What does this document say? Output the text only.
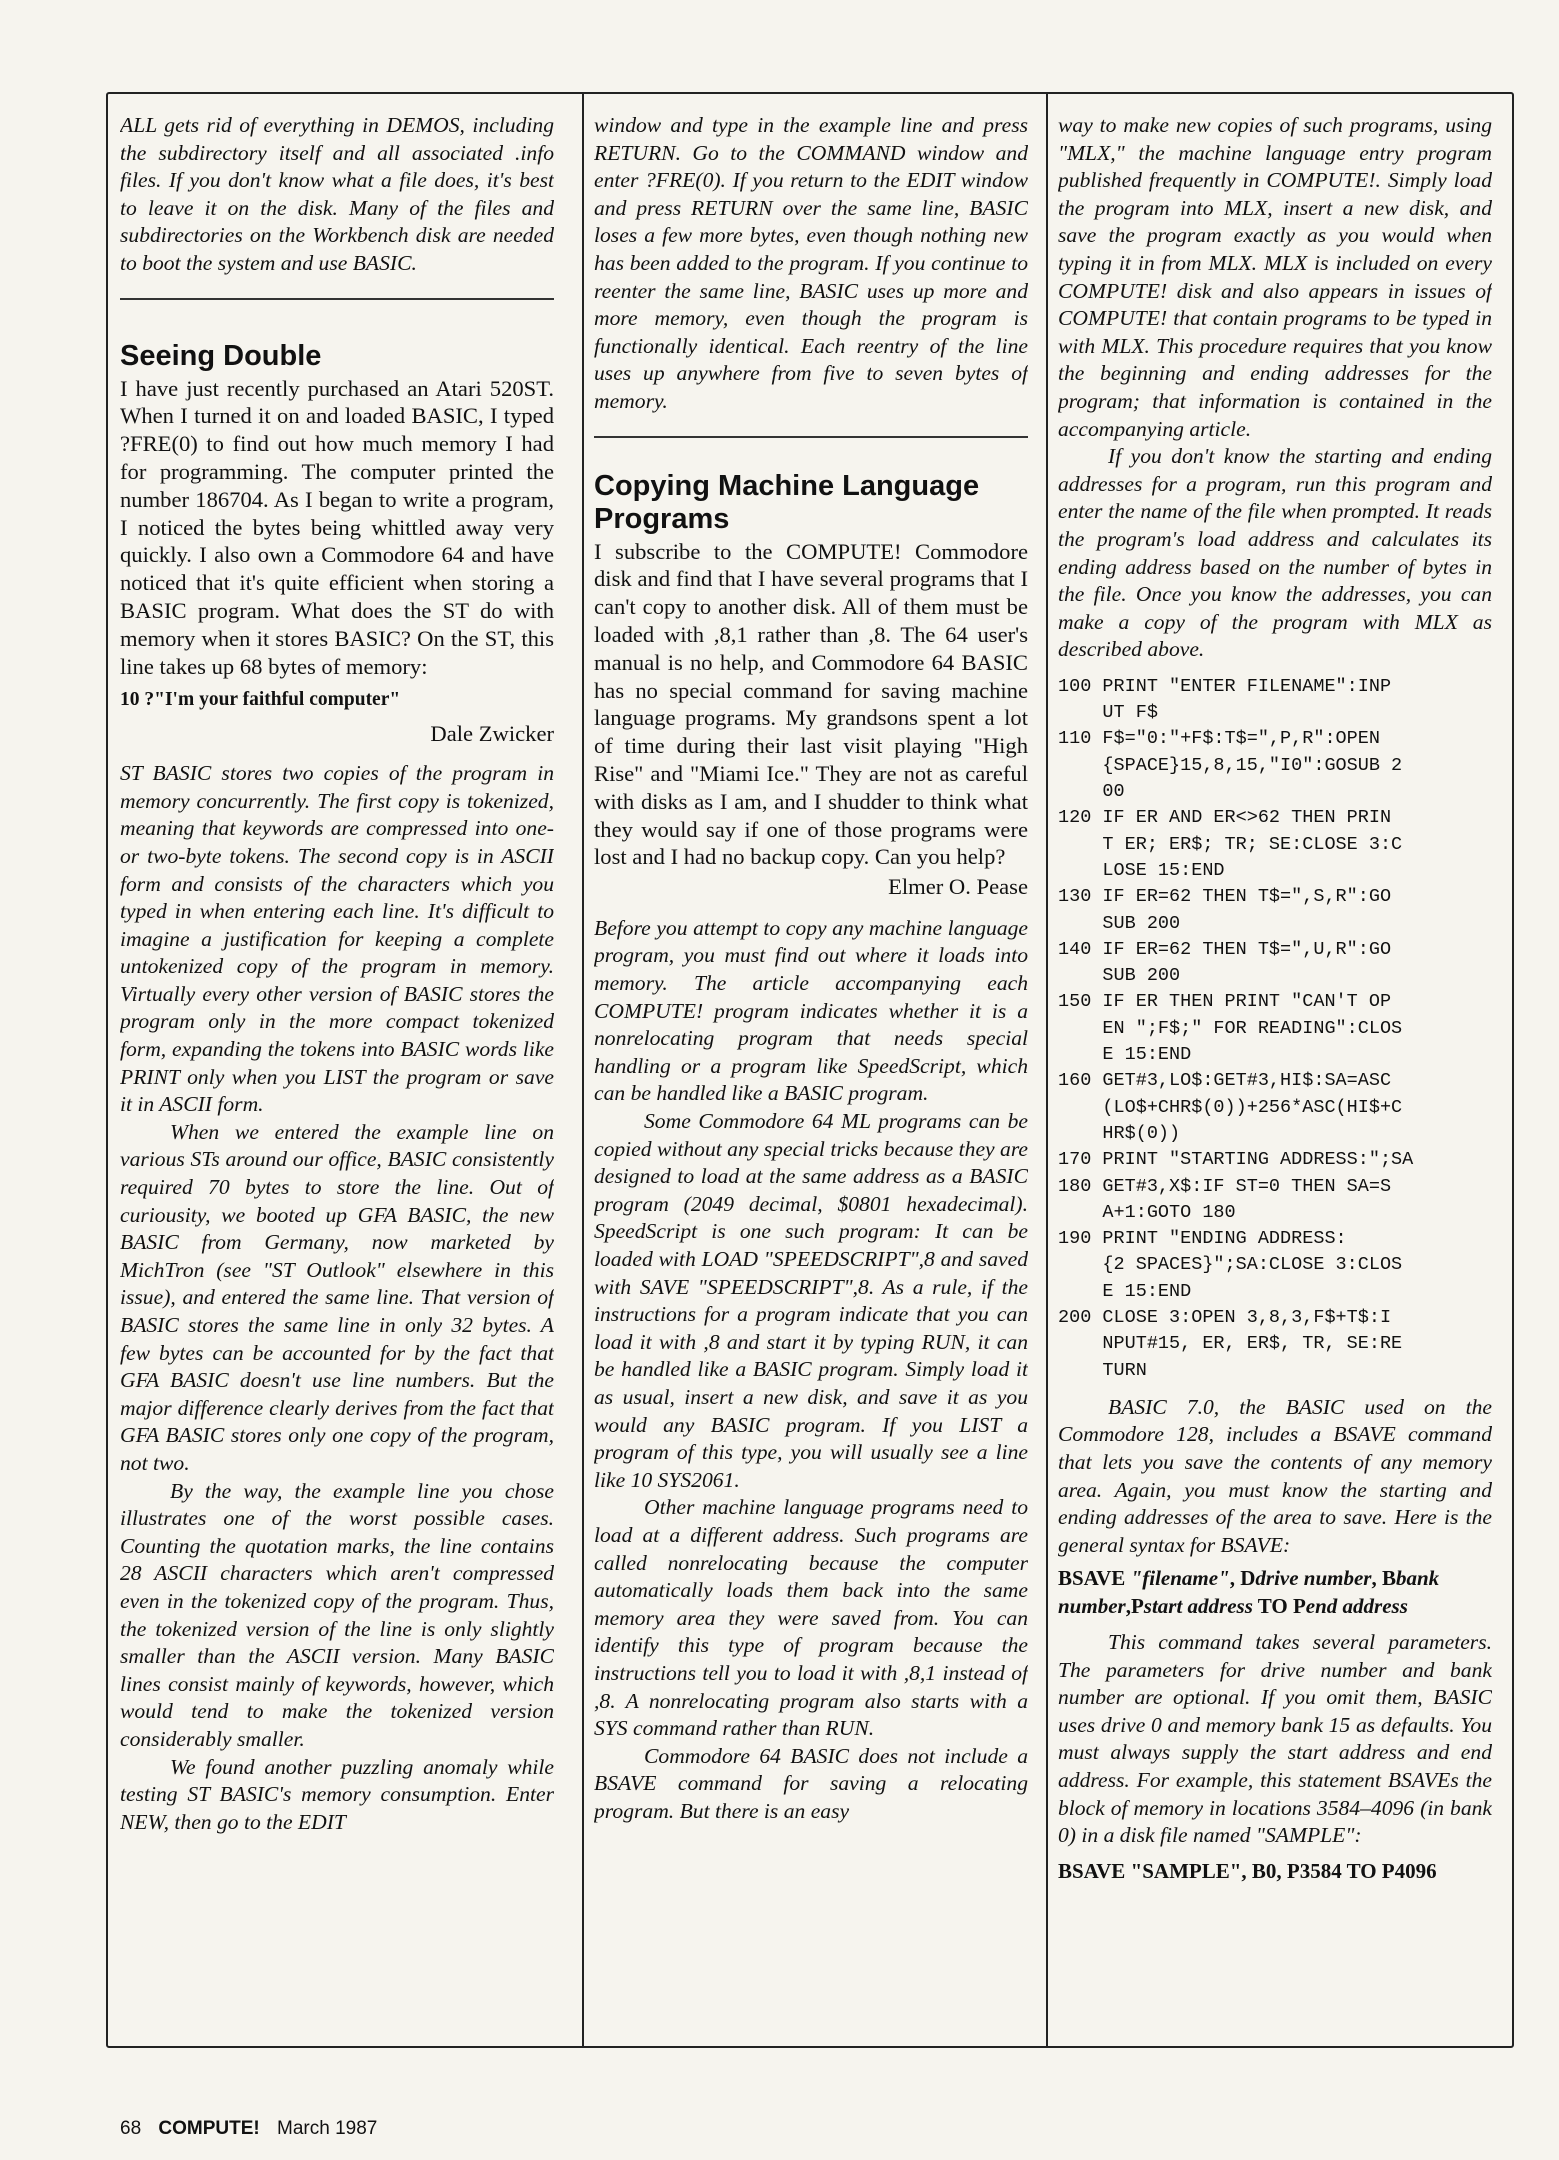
ALL gets rid of everything in DEMOS, including the subdirectory itself and all associated .info files. If you don't know what a file does, it's best to leave it on the disk. Many of the files and subdirectories on the Workbench disk are needed to boot the system and use BASIC.

Seeing Double

I have just recently purchased an Atari 520ST. When I turned it on and loaded BASIC, I typed ?FRE(0) to find out how much memory I had for programming. The computer printed the number 186704. As I began to write a program, I noticed the bytes being whittled away very quickly. I also own a Commodore 64 and have noticed that it's quite efficient when storing a BASIC program. What does the ST do with memory when it stores BASIC? On the ST, this line takes up 68 bytes of memory:

10 ?"I'm your faithful computer"

Dale Zwicker

ST BASIC stores two copies of the program in memory concurrently. The first copy is tokenized, meaning that keywords are compressed into one- or two-byte tokens. The second copy is in ASCII form and consists of the characters which you typed in when entering each line. It's difficult to imagine a justification for keeping a complete untokenized copy of the program in memory. Virtually every other version of BASIC stores the program only in the more compact tokenized form, expanding the tokens into BASIC words like PRINT only when you LIST the program or save it in ASCII form.

When we entered the example line on various STs around our office, BASIC consistently required 70 bytes to store the line. Out of curiousity, we booted up GFA BASIC, the new BASIC from Germany, now marketed by MichTron (see "ST Outlook" elsewhere in this issue), and entered the same line. That version of BASIC stores the same line in only 32 bytes. A few bytes can be accounted for by the fact that GFA BASIC doesn't use line numbers. But the major difference clearly derives from the fact that GFA BASIC stores only one copy of the program, not two.

By the way, the example line you chose illustrates one of the worst possible cases. Counting the quotation marks, the line contains 28 ASCII characters which aren't compressed even in the tokenized copy of the program. Thus, the tokenized version of the line is only slightly smaller than the ASCII version. Many BASIC lines consist mainly of keywords, however, which would tend to make the tokenized version considerably smaller.

We found another puzzling anomaly while testing ST BASIC's memory consumption. Enter NEW, then go to the EDIT

window and type in the example line and press RETURN. Go to the COMMAND window and enter ?FRE(0). If you return to the EDIT window and press RETURN over the same line, BASIC loses a few more bytes, even though nothing new has been added to the program. If you continue to reenter the same line, BASIC uses up more and more memory, even though the program is functionally identical. Each reentry of the line uses up anywhere from five to seven bytes of memory.

Copying Machine Language Programs

I subscribe to the COMPUTE! Commodore disk and find that I have several programs that I can't copy to another disk. All of them must be loaded with ,8,1 rather than ,8. The 64 user's manual is no help, and Commodore 64 BASIC has no special command for saving machine language programs. My grandsons spent a lot of time during their last visit playing "High Rise" and "Miami Ice." They are not as careful with disks as I am, and I shudder to think what they would say if one of those programs were lost and I had no backup copy. Can you help?

Elmer O. Pease

Before you attempt to copy any machine language program, you must find out where it loads into memory. The article accompanying each COMPUTE! program indicates whether it is a nonrelocating program that needs special handling or a program like SpeedScript, which can be handled like a BASIC program.

Some Commodore 64 ML programs can be copied without any special tricks because they are designed to load at the same address as a BASIC program (2049 decimal, $0801 hexadecimal). SpeedScript is one such program: It can be loaded with LOAD "SPEEDSCRIPT",8 and saved with SAVE "SPEEDSCRIPT",8. As a rule, if the instructions for a program indicate that you can load it with ,8 and start it by typing RUN, it can be handled like a BASIC program. Simply load it as usual, insert a new disk, and save it as you would any BASIC program. If you LIST a program of this type, you will usually see a line like 10 SYS2061.

Other machine language programs need to load at a different address. Such programs are called nonrelocating because the computer automatically loads them back into the same memory area they were saved from. You can identify this type of program because the instructions tell you to load it with ,8,1 instead of ,8. A nonrelocating program also starts with a SYS command rather than RUN.

Commodore 64 BASIC does not include a BSAVE command for saving a relocating program. But there is an easy

way to make new copies of such programs, using "MLX," the machine language entry program published frequently in COMPUTE!. Simply load the program into MLX, insert a new disk, and save the program exactly as you would when typing it in from MLX. MLX is included on every COMPUTE! disk and also appears in issues of COMPUTE! that contain programs to be typed in with MLX. This procedure requires that you know the beginning and ending addresses for the program; that information is contained in the accompanying article.

If you don't know the starting and ending addresses for a program, run this program and enter the name of the file when prompted. It reads the program's load address and calculates its ending address based on the number of bytes in the file. Once you know the addresses, you can make a copy of the program with MLX as described above.

100 PRINT "ENTER FILENAME":INP
UT F$
110 F$="0:"+F$:T$=",P,R":OPEN
{SPACE}15,8,15,"I0":GOSUB 2
00
120 IF ER AND ER<>62 THEN PRIN
T ER; ER$; TR; SE:CLOSE 3:C
LOSE 15:END
130 IF ER=62 THEN T$=",S,R":GO
SUB 200
140 IF ER=62 THEN T$=",U,R":GO
SUB 200
150 IF ER THEN PRINT "CAN'T OP
EN ";F$;" FOR READING":CLOS
E 15:END
160 GET#3,LO$:GET#3,HI$:SA=ASC
(LO$+CHR$(0))+256*ASC(HI$+C
HR$(0))
170 PRINT "STARTING ADDRESS:";SA
180 GET#3,X$:IF ST=0 THEN SA=S
A+1:GOTO 180
190 PRINT "ENDING ADDRESS:
{2 SPACES}";SA:CLOSE 3:CLOS
E 15:END
200 CLOSE 3:OPEN 3,8,3,F$+T$:I
NPUT#15, ER, ER$, TR, SE:RE
TURN

BASIC 7.0, the BASIC used on the Commodore 128, includes a BSAVE command that lets you save the contents of any memory area. Again, you must know the starting and ending addresses of the area to save. Here is the general syntax for BSAVE:

BSAVE "filename", Ddrive number, Bbank number,Pstart address TO Pend address

This command takes several parameters. The parameters for drive number and bank number are optional. If you omit them, BASIC uses drive 0 and memory bank 15 as defaults. You must always supply the start address and end address. For example, this statement BSAVEs the block of memory in locations 3584–4096 (in bank 0) in a disk file named "SAMPLE":

BSAVE "SAMPLE", B0, P3584 TO P4096

68 COMPUTE! March 1987
